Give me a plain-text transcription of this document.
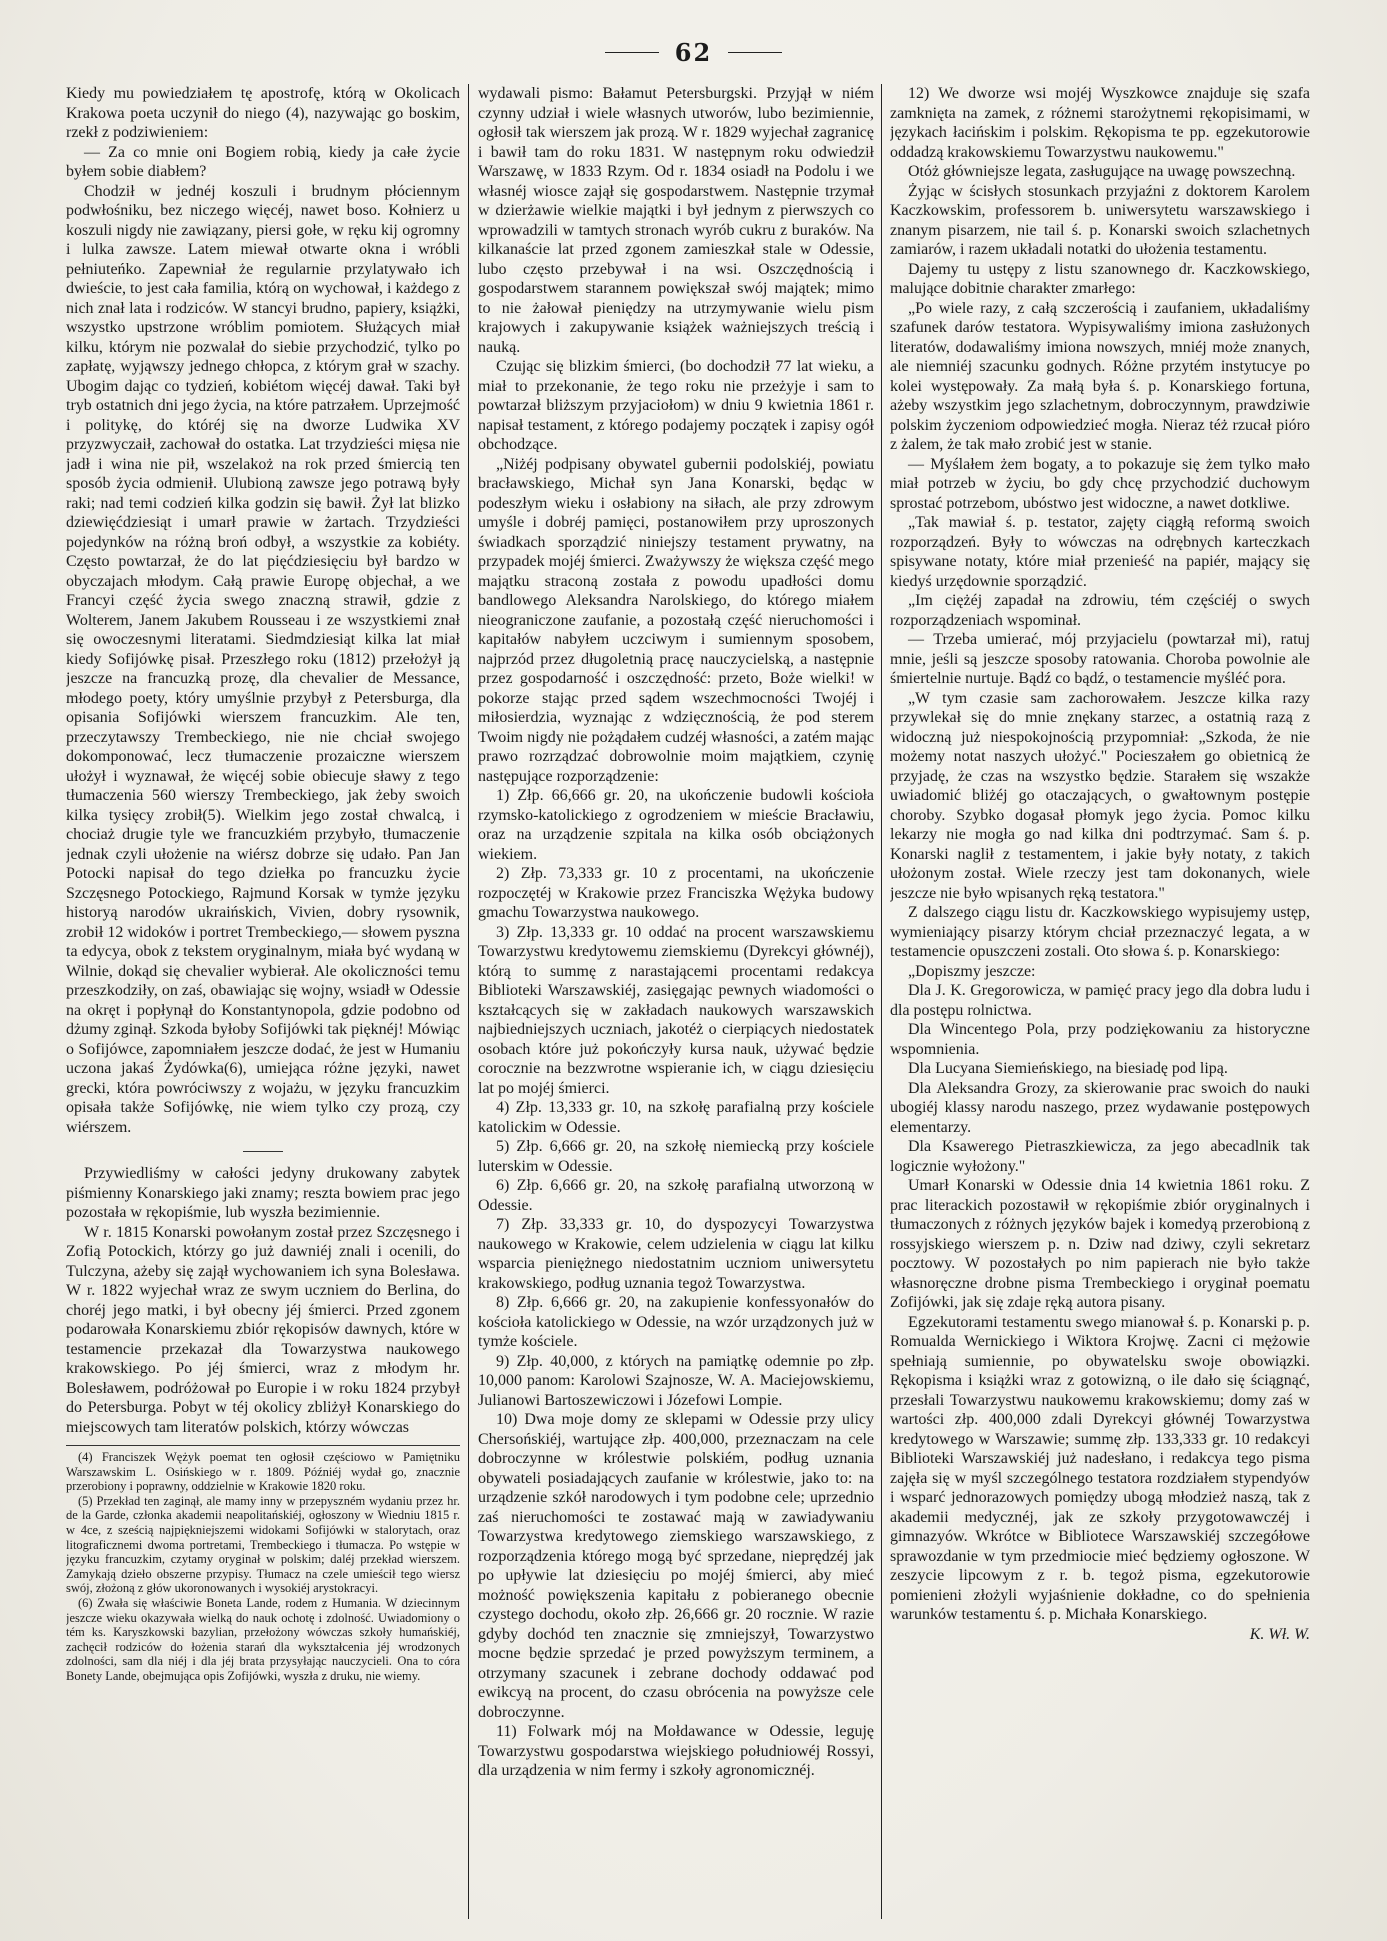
62

Kiedy mu powiedziałem tę apostrofę, którą w Okolicach Krakowa poeta uczynił do niego (4), nazywając go boskim, rzekł z podziwieniem:

— Za co mnie oni Bogiem robią, kiedy ja całe życie byłem sobie diabłem?

Chodził w jednéj koszuli i brudnym płóciennym podwłośniku, bez niczego więcéj, nawet boso. Kołnierz u koszuli nigdy nie zawiązany, piersi gołe, w ręku kij ogromny i lulka zawsze. Latem miewał otwarte okna i wróbli pełniuteńko. Zapewniał że regularnie przylatywało ich dwieście, to jest cała familia, którą on wychował, i każdego z nich znał lata i rodziców. W stancyi brudno, papiery, książki, wszystko upstrzone wróblim pomiotem. Służących miał kilku, którym nie pozwalał do siebie przychodzić, tylko po zapłatę, wyjąwszy jednego chłopca, z którym grał w szachy. Ubogim dając co tydzień, kobiétom więcéj dawał. Taki był tryb ostatnich dni jego życia, na które patrzałem. Uprzejmość i politykę, do któréj się na dworze Ludwika XV przyzwyczaił, zachował do ostatka. Lat trzydzieści mięsa nie jadł i wina nie pił, wszelakoż na rok przed śmiercią ten sposób życia odmienił. Ulubioną zawsze jego potrawą były raki; nad temi codzień kilka godzin się bawił. Żył lat blizko dziewięćdziesiąt i umarł prawie w żartach. Trzydzieści pojedynków na różną broń odbył, a wszystkie za kobiéty. Często powtarzał, że do lat pięćdziesięciu był bardzo w obyczajach młodym. Całą prawie Europę objechał, a we Francyi część życia swego znaczną strawił, gdzie z Wolterem, Janem Jakubem Rousseau i ze wszystkiemi znał się owoczesnymi literatami. Siedmdziesiąt kilka lat miał kiedy Sofijówkę pisał. Przeszłego roku (1812) przełożył ją jeszcze na francuzką prozę, dla chevalier de Messance, młodego poety, który umyślnie przybył z Petersburga, dla opisania Sofijówki wierszem francuzkim. Ale ten, przeczytawszy Trembeckiego, nie nie chciał swojego dokomponować, lecz tłumaczenie prozaiczne wierszem ułożył i wyznawał, że więcéj sobie obiecuje sławy z tego tłumaczenia 560 wierszy Trembeckiego, jak żeby swoich kilka tysięcy zrobił(5). Wielkim jego został chwalcą, i chociaż drugie tyle we francuzkiém przybyło, tłumaczenie jednak czyli ułożenie na wiérsz dobrze się udało. Pan Jan Potocki napisał do tego dziełka po francuzku życie Szczęsnego Potockiego, Rajmund Korsak w tymże języku historyą narodów ukraińskich, Vivien, dobry rysownik, zrobił 12 widoków i portret Trembeckiego,— słowem pyszna ta edycya, obok z tekstem oryginalnym, miała być wydaną w Wilnie, dokąd się chevalier wybierał. Ale okoliczności temu przeszkodziły, on zaś, obawiając się wojny, wsiadł w Odessie na okręt i popłynął do Konstantynopola, gdzie podobno od dżumy zginął. Szkoda byłoby Sofijówki tak pięknéj! Mówiąc o Sofijówce, zapomniałem jeszcze dodać, że jest w Humaniu uczona jakaś Żydówka(6), umiejąca różne języki, nawet grecki, która powróciwszy z wojażu, w języku francuzkim opisała także Sofijówkę, nie wiem tylko czy prozą, czy wiérszem.

Przywiedliśmy w całości jedyny drukowany zabytek piśmienny Konarskiego jaki znamy; reszta bowiem prac jego pozostała w rękopiśmie, lub wyszła bezimiennie.

W r. 1815 Konarski powołanym został przez Szczęsnego i Zofią Potockich, którzy go już dawniéj znali i ocenili, do Tulczyna, ażeby się zajął wychowaniem ich syna Bolesława. W r. 1822 wyjechał wraz ze swym uczniem do Berlina, do choréj jego matki, i był obecny jéj śmierci. Przed zgonem podarowała Konarskiemu zbiór rękopisów dawnych, które w testamencie przekazał dla Towarzystwa naukowego krakowskiego. Po jéj śmierci, wraz z młodym hr. Bolesławem, podróżował po Europie i w roku 1824 przybył do Petersburga. Pobyt w téj okolicy zbliżył Konarskiego do miejscowych tam literatów polskich, którzy wówczas

(4) Franciszek Wężyk poemat ten ogłosił częściowo w Pamiętniku Warszawskim L. Osińskiego w r. 1809. Późniéj wydał go, znacznie przerobiony i poprawny, oddzielnie w Krakowie 1820 roku.

(5) Przekład ten zaginął, ale mamy inny w przepyszném wydaniu przez hr. de la Garde, członka akademii neapolitańskiéj, ogłoszony w Wiedniu 1815 r. w 4ce, z sześcią najpiękniejszemi widokami Sofijówki w stalorytach, oraz litograficznemi dwoma portretami, Trembeckiego i tłumacza. Po wstępie w języku francuzkim, czytamy oryginał w polskim; daléj przekład wierszem. Zamykają dzieło obszerne przypisy. Tłumacz na czele umieścił tego wiersz swój, złożoną z głów ukoronowanych i wysokiéj arystokracyi.

(6) Zwała się właściwie Boneta Lande, rodem z Humania. W dziecinnym jeszcze wieku okazywała wielką do nauk ochotę i zdolność. Uwiadomiony o tém ks. Karyszkowski bazylian, przełożony wówczas szkoły humańskiéj, zachęcił rodziców do łożenia starań dla wykształcenia jéj wrodzonych zdolności, sam dla niéj i dla jéj brata przysyłając nauczycieli. Ona to córa Bonety Lande, obejmująca opis Zofijówki, wyszła z druku, nie wiemy.

wydawali pismo: Bałamut Petersburgski. Przyjął w niém czynny udział i wiele własnych utworów, lubo bezimiennie, ogłosił tak wierszem jak prozą. W r. 1829 wyjechał zagranicę i bawił tam do roku 1831. W następnym roku odwiedził Warszawę, w 1833 Rzym. Od r. 1834 osiadł na Podolu i we własnéj wioscе zajął się gospodarstwem. Następnie trzymał w dzierżawie wielkie majątki i był jednym z pierwszych co wprowadzili w tamtych stronach wyrób cukru z buraków. Na kilkanaście lat przed zgonem zamieszkał stale w Odessie, lubo często przebywał i na wsi. Oszczędnością i gospodarstwem starannem powiększał swój majątek; mimo to nie żałował pieniędzy na utrzymywanie wielu pism krajowych i zakupywanie książek ważniejszych treścią i nauką.

Czując się blizkim śmierci, (bo dochodził 77 lat wieku, a miał to przekonanie, że tego roku nie przeżyje i sam to powtarzał bliższym przyjaciołom) w dniu 9 kwietnia 1861 r. napisał testament, z którego podajemy początek i zapisy ogół obchodzące.

„Niżéj podpisany obywatel gubernii podolskiéj, powiatu bracławskiego, Michał syn Jana Konarski, będąc w podeszłym wieku i osłabiony na siłach, ale przy zdrowym umyśle i dobréj pamięci, postanowiłem przy uproszonych świadkach sporządzić niniejszy testament prywatny, na przypadek mojéj śmierci. Zważywszy że większa część mego majątku straconą została z powodu upadłości domu bandlowego Aleksandra Narolskiego, do którego miałem nieograniczone zaufanie, a pozostałą część nieruchomości i kapitałów nabyłem uczciwym i sumiennym sposobem, najprzód przez długoletnią pracę nauczycielską, a następnie przez gospodarność i oszczędność: przeto, Boże wielki! w pokorze stając przed sądem wszechmocności Twojéj i miłosierdzia, wyznając z wdzięcznością, że pod sterem Twoim nigdy nie pożądałem cudzéj własności, a zatém mając prawo rozrządzać dobrowolnie moim majątkiem, czynię następujące rozporządzenie:

1) Złp. 66,666 gr. 20, na ukończenie budowli kościoła rzymsko-katolickiego z ogrodzeniem w mieście Bracławiu, oraz na urządzenie szpitala na kilka osób obciążonych wiekiem.

2) Złp. 73,333 gr. 10 z procentami, na ukończenie rozpoczętéj w Krakowie przez Franciszka Wężyka budowy gmachu Towarzystwa naukowego.

3) Złp. 13,333 gr. 10 oddać na procent warszawskiemu Towarzystwu kredytowemu ziemskiemu (Dyrekcyi głównéj), którą to summę z narastającemi procentami redakcya Biblioteki Warszawskiéj, zasięgając pewnych wiadomości o kształcących się w zakładach naukowych warszawskich najbiedniejszych uczniach, jakotéż o cierpiących niedostatek osobach które już pokończyły kursa nauk, używać będzie corocznie na bezzwrotne wspieranie ich, w ciągu dziesięciu lat po mojéj śmierci.

4) Złp. 13,333 gr. 10, na szkołę parafialną przy kościele katolickim w Odessie.

5) Złp. 6,666 gr. 20, na szkołę niemiecką przy kościele luterskim w Odessie.

6) Złp. 6,666 gr. 20, na szkołę parafialną utworzoną w Odessie.

7) Złp. 33,333 gr. 10, do dyspozycyi Towarzystwa naukowego w Krakowie, celem udzielenia w ciągu lat kilku wsparcia pieniężnego niedostatnim uczniom uniwersytetu krakowskiego, podług uznania tegoż Towarzystwa.

8) Złp. 6,666 gr. 20, na zakupienie konfessyonałów do kościoła katolickiego w Odessie, na wzór urządzonych już w tymże kościele.

9) Złp. 40,000, z których na pamiątkę odemnie po złp. 10,000 panom: Karolowi Szajnosze, W. A. Maciejowskiemu, Julianowi Bartoszewiczowi i Józefowi Lompie.

10) Dwa moje domy ze sklepami w Odessie przy ulicy Chersońskiéj, wartujące złp. 400,000, przeznaczam na cele dobroczynne w królestwie polskiém, podług uznania obywateli posiadających zaufanie w królestwie, jako to: na urządzenie szkół narodowych i tym podobne cele; uprzednio zaś nieruchomości te zostawać mają w zawiadywaniu Towarzystwa kredytowego ziemskiego warszawskiego, z rozporządzenia którego mogą być sprzedane, nieprędzéj jak po upływie lat dziesięciu po mojéj śmierci, aby mieć możność powiększenia kapitału z pobieranego obecnie czystego dochodu, około złp. 26,666 gr. 20 rocznie. W razie gdyby dochód ten znacznie się zmniejszył, Towarzystwo mocne będzie sprzedać je przed powyższym terminem, a otrzymany szacunek i zebrane dochody oddawać pod ewikcyą na procent, do czasu obrócenia na powyższe cele dobroczynne.

11) Folwark mój na Mołdawance w Odessie, leguję Towarzystwu gospodarstwa wiejskiego południowéj Rossyi, dla urządzenia w nim fermy i szkoły agronomicznéj.

12) We dworze wsi mojéj Wyszkowce znajduje się szafa zamknięta na zamek, z różnemi starożytnemi rękopisimami, w językach łacińskim i polskim. Rękopisma te pp. egzekutorowie oddadzą krakowskiemu Towarzystwu naukowemu."

Otóż główniejsze legata, zasługujące na uwagę powszechną.

Żyjąc w ścisłych stosunkach przyjaźni z doktorem Karolem Kaczkowskim, professorem b. uniwersytetu warszawskiego i znanym pisarzem, nie tail ś. p. Konarski swoich szlachetnych zamiarów, i razem układali notatki do ułożenia testamentu.

Dajemy tu ustępy z listu szanownego dr. Kaczkowskiego, malujące dobitnie charakter zmarłego:

„Po wiele razy, z całą szczerością i zaufaniem, układaliśmy szafunek darów testatora. Wypisywaliśmy imiona zasłużonych literatów, dodawaliśmy imiona nowszych, mniéj może znanych, ale niemniéj szacunku godnych. Różne przytém instytucye po kolei występowały. Za małą była ś. p. Konarskiego fortuna, ażeby wszystkim jego szlachetnym, dobroczynnym, prawdziwie polskim życzeniom odpowiedzieć mogła. Nieraz téż rzucał pióro z żalem, że tak mało zrobić jest w stanie.

— Myślałem żem bogaty, a to pokazuje się żem tylko mało miał potrzeb w życiu, bo gdy chcę przychodzić duchowym sprostać potrzebom, ubóstwo jest widoczne, a nawet dotkliwe.

„Tak mawiał ś. p. testator, zajęty ciągłą reformą swoich rozporządzeń. Były to wówczas na odrębnych karteczkach spisywane notaty, które miał przenieść na papiér, mający się kiedyś urzędownie sporządzić.

„Im ciężéj zapadał na zdrowiu, tém częściéj o swych rozporządzeniach wspominał.

— Trzeba umierać, mój przyjacielu (powtarzał mi), ratuj mnie, jeśli są jeszcze sposoby ratowania. Choroba powolnie ale śmiertelnie nurtuje. Bądź co bądź, o testamencie myśléć pora.

„W tym czasie sam zachorowałem. Jeszcze kilka razy przywlekał się do mnie znękany starzec, a ostatnią razą z widoczną już niespokojnością przypomniał: „Szkoda, że nie możemy notat naszych ułożyć." Pocieszałem go obietnicą że przyjadę, że czas na wszystko będzie. Starałem się wszakże uwiadomić bliżéj go otaczających, o gwałtownym postępie choroby. Szybko dogasał płomyk jego życia. Pomoc kilku lekarzy nie mogła go nad kilka dni podtrzymać. Sam ś. p. Konarski naglił z testamentem, i jakie były notaty, z takich ułożonym został. Wiele rzeczy jest tam dokonanych, wiele jeszcze nie było wpisanych ręką testatora."

Z dalszego ciągu listu dr. Kaczkowskiego wypisujemy ustęp, wymieniający pisarzy którym chciał przeznaczyć legata, a w testamencie opuszczeni zostali. Oto słowa ś. p. Konarskiego:

„Dopiszmy jeszcze:

Dla J. K. Gregorowicza, w pamięć pracy jego dla dobra ludu i dla postępu rolnictwa.

Dla Wincentego Pola, przy podziękowaniu za historyczne wspomnienia.

Dla Lucyana Siemieńskiego, na biesiadę pod lipą.

Dla Aleksandra Grozy, za skierowanie prac swoich do nauki ubogiéj klassy narodu naszego, przez wydawanie postępowych elementarzy.

Dla Ksawerego Pietraszkiewicza, za jego abecadlnik tak logicznie wyłożony."

Umarł Konarski w Odessie dnia 14 kwietnia 1861 roku. Z prac literackich pozostawił w rękopiśmie zbiór oryginalnych i tłumaczonych z różnych języków bajek i komedyą przerobioną z rossyjskiego wierszem p. n. Dziw nad dziwy, czyli sekretarz pocztowy. W pozostałych po nim papierach nie było także własnoręczne drobne pisma Trembeckiego i oryginał poematu Zofijówki, jak się zdaje ręką autora pisany.

Egzekutorami testamentu swego mianował ś. p. Konarski p. p. Romualda Wernickiego i Wiktora Krojwę. Zacni ci mężowie spełniają sumiennie, po obywatelsku swoje obowiązki. Rękopisma i książki wraz z gotowizną, o ile dało się ściągnąć, przesłali Towarzystwu naukowemu krakowskiemu; domy zaś w wartości złp. 400,000 zdali Dyrekcyi głównéj Towarzystwa kredytowego w Warszawie; summę złp. 133,333 gr. 10 redakcyi Biblioteki Warszawskiéj już nadesłano, i redakcya tego pisma zajęła się w myśl szczególnego testatora rozdziałem stypendyów i wsparć jednorazowych pomiędzy ubogą młodzież naszą, tak z akademii medycznéj, jak ze szkoły przygotowawczéj i gimnazyów. Wkrótce w Bibliotece Warszawskiéj szczegółowe sprawozdanie w tym przedmiocie mieć będziemy ogłoszone. W zeszycie lipcowym z r. b. tegoż pisma, egzekutorowie pomienieni złożyli wyjaśnienie dokładne, co do spełnienia warunków testamentu ś. p. Michała Konarskiego.

K. Wł. W.
